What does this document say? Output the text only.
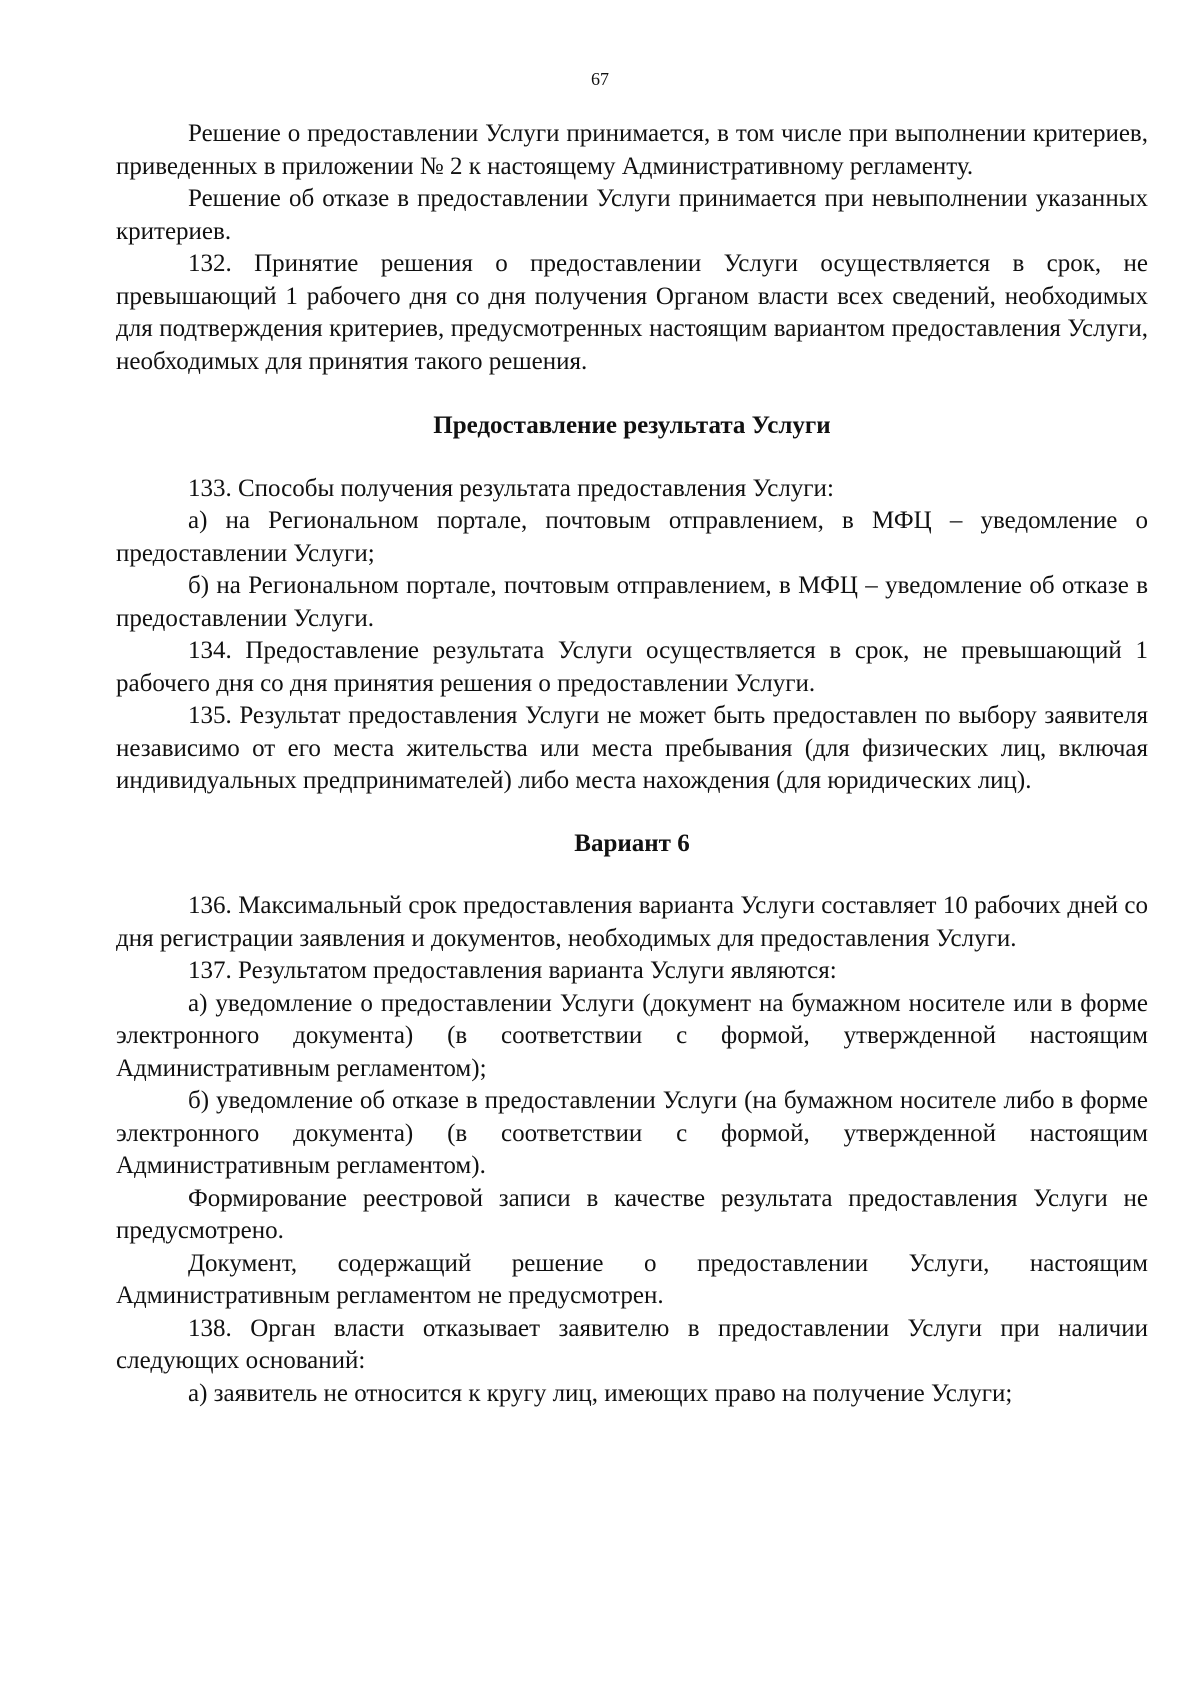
67

Решение о предоставлении Услуги принимается, в том числе при выполнении критериев, приведенных в приложении № 2 к настоящему Административному регламенту.

Решение об отказе в предоставлении Услуги принимается при невыполнении указанных критериев.

132. Принятие решения о предоставлении Услуги осуществляется в срок, не превышающий 1 рабочего дня со дня получения Органом власти всех сведений, необходимых для подтверждения критериев, предусмотренных настоящим вариантом предоставления Услуги, необходимых для принятия такого решения.

Предоставление результата Услуги

133. Способы получения результата предоставления Услуги:

а) на Региональном портале, почтовым отправлением, в МФЦ – уведомление о предоставлении Услуги;

б) на Региональном портале, почтовым отправлением, в МФЦ – уведомление об отказе в предоставлении Услуги.

134. Предоставление результата Услуги осуществляется в срок, не превышающий 1 рабочего дня со дня принятия решения о предоставлении Услуги.

135. Результат предоставления Услуги не может быть предоставлен по выбору заявителя независимо от его места жительства или места пребывания (для физических лиц, включая индивидуальных предпринимателей) либо места нахождения (для юридических лиц).

Вариант 6

136. Максимальный срок предоставления варианта Услуги составляет 10 рабочих дней со дня регистрации заявления и документов, необходимых для предоставления Услуги.

137. Результатом предоставления варианта Услуги являются:

а) уведомление о предоставлении Услуги (документ на бумажном носителе или в форме электронного документа) (в соответствии с формой, утвержденной настоящим Административным регламентом);

б) уведомление об отказе в предоставлении Услуги (на бумажном носителе либо в форме электронного документа) (в соответствии с формой, утвержденной настоящим Административным регламентом).

Формирование реестровой записи в качестве результата предоставления Услуги не предусмотрено.

Документ, содержащий решение о предоставлении Услуги, настоящим Административным регламентом не предусмотрен.

138. Орган власти отказывает заявителю в предоставлении Услуги при наличии следующих оснований:

а) заявитель не относится к кругу лиц, имеющих право на получение Услуги;
